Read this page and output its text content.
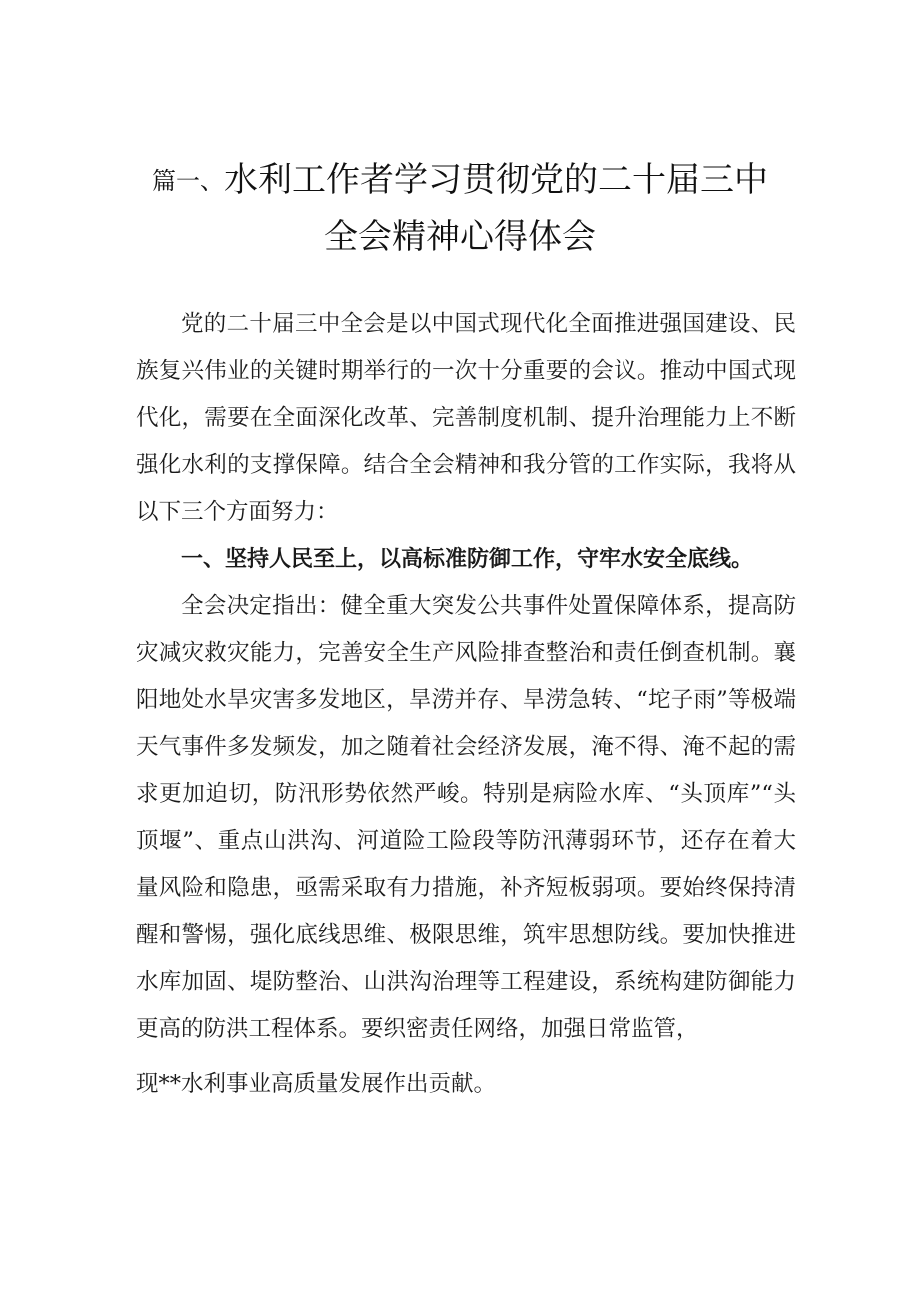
篇一、水利工作者学习贯彻党的二十届三中
全会精神心得体会

党的二十届三中全会是以中国式现代化全面推进强国建设、民族复兴伟业的关键时期举行的一次十分重要的会议。推动中国式现代化，需要在全面深化改革、完善制度机制、提升治理能力上不断强化水利的支撑保障。结合全会精神和我分管的工作实际，我将从以下三个方面努力：

一、坚持人民至上，以高标准防御工作，守牢水安全底线。

全会决定指出：健全重大突发公共事件处置保障体系，提高防灾减灾救灾能力，完善安全生产风险排查整治和责任倒查机制。襄阳地处水旱灾害多发地区，旱涝并存、旱涝急转、“坨子雨”等极端天气事件多发频发，加之随着社会经济发展，淹不得、淹不起的需求更加迫切，防汛形势依然严峻。特别是病险水库、“头顶库”“头顶堰”、重点山洪沟、河道险工险段等防汛薄弱环节，还存在着大量风险和隐患，亟需采取有力措施，补齐短板弱项。要始终保持清醒和警惕，强化底线思维、极限思维，筑牢思想防线。要加快推进水库加固、堤防整治、山洪沟治理等工程建设，系统构建防御能力更高的防洪工程体系。要织密责任网络，加强日常监管，

现**水利事业高质量发展作出贡献。
